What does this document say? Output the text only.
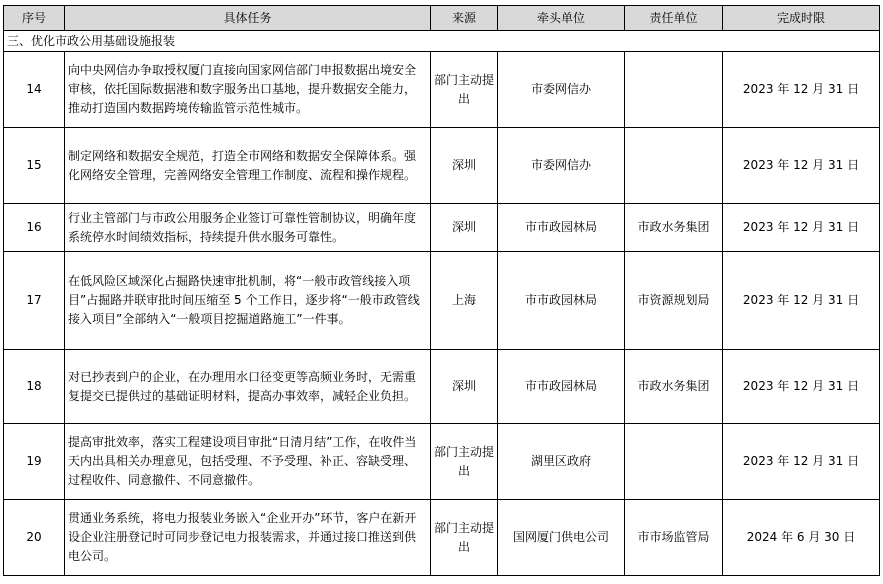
序号	具体任务	来源	牵头单位	责任单位	完成时限
三、优化市政公用基础设施报装					
14	向中央网信办争取授权厦门直接向国家网信部门申报数据出境安全审核，依托国际数据港和数字服务出口基地，提升数据安全能力，推动打造国内数据跨境传输监管示范性城市。	部门主动提出	市委网信办		2023 年 12 月 31 日
15	制定网络和数据安全规范，打造全市网络和数据安全保障体系。强化网络安全管理，完善网络安全管理工作制度、流程和操作规程。	深圳	市委网信办		2023 年 12 月 31 日
16	行业主管部门与市政公用服务企业签订可靠性管制协议，明确年度系统停水时间绩效指标，持续提升供水服务可靠性。	深圳	市市政园林局	市政水务集团	2023 年 12 月 31 日
17	在低风险区域深化占掘路快速审批机制，将“一般市政管线接入项目”占掘路并联审批时间压缩至 5 个工作日，逐步将“一般市政管线接入项目”全部纳入“一般项目挖掘道路施工”一件事。	上海	市市政园林局	市资源规划局	2023 年 12 月 31 日
18	对已抄表到户的企业，在办理用水口径变更等高频业务时，无需重复提交已提供过的基础证明材料，提高办事效率，减轻企业负担。	深圳	市市政园林局	市政水务集团	2023 年 12 月 31 日
19	提高审批效率，落实工程建设项目审批“日清月结”工作，在收件当天内出具相关办理意见，包括受理、不予受理、补正、容缺受理、过程收件、同意撤件、不同意撤件。	部门主动提出	湖里区政府		2023 年 12 月 31 日
20	贯通业务系统，将电力报装业务嵌入“企业开办”环节，客户在新开设企业注册登记时可同步登记电力报装需求，并通过接口推送到供电公司。	部门主动提出	国网厦门供电公司	市市场监管局	2024 年 6 月 30 日
